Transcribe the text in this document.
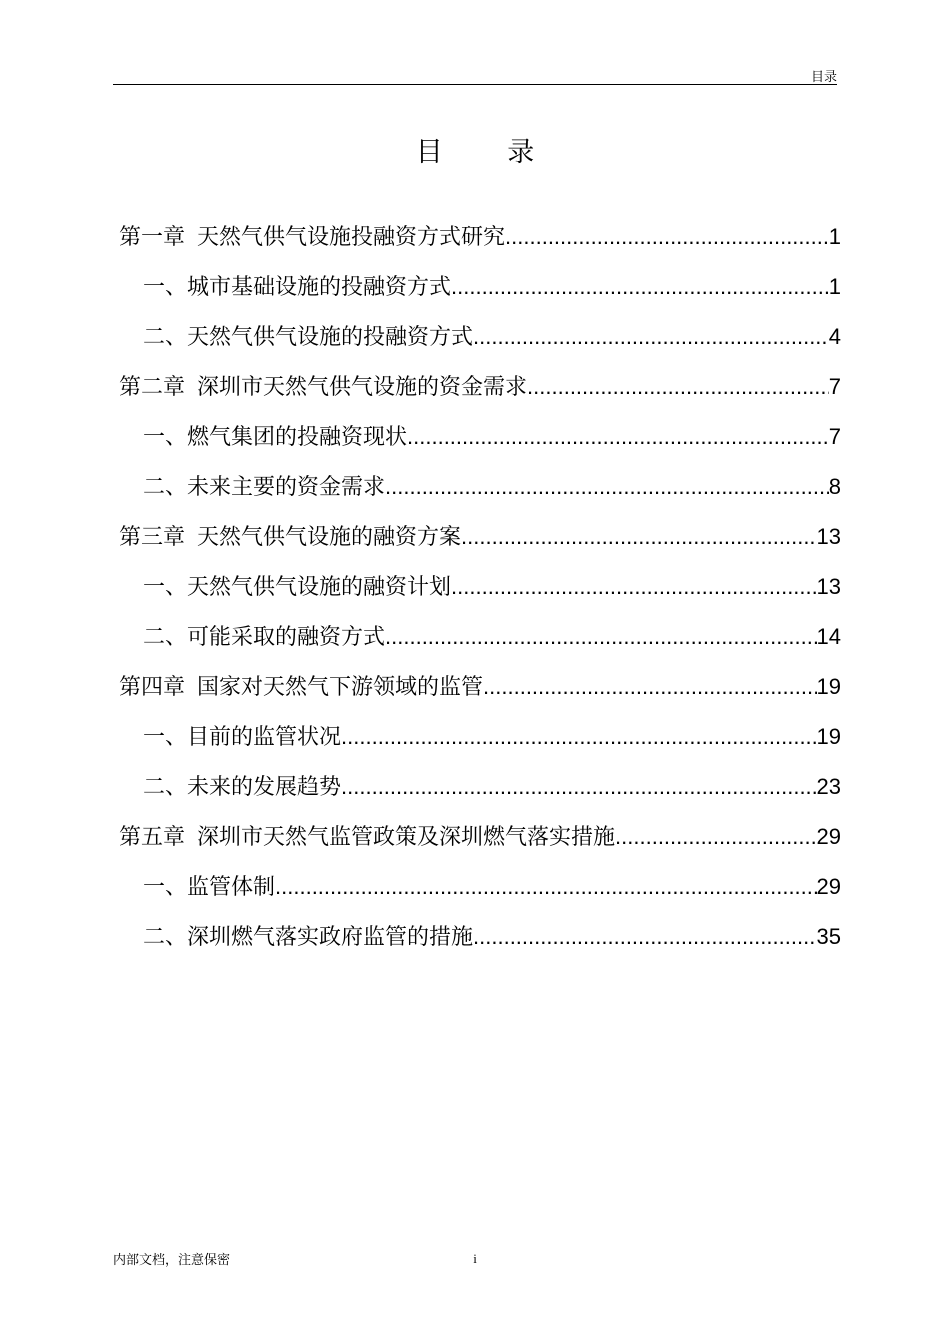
目录
目 录
第一章 天然气供气设施投融资方式研究 .....	1
一、城市基础设施的投融资方式 .....	1
二、天然气供气设施的投融资方式 .....	4
第二章 深圳市天然气供气设施的资金需求 .....	7
一、燃气集团的投融资现状 .....	7
二、未来主要的资金需求 .....	8
第三章 天然气供气设施的融资方案 .....	13
一、天然气供气设施的融资计划 .....	13
二、可能采取的融资方式 .....	14
第四章 国家对天然气下游领域的监管 .....	19
一、目前的监管状况 .....	19
二、未来的发展趋势 .....	23
第五章 深圳市天然气监管政策及深圳燃气落实措施 .....	29
一、监管体制 .....	29
二、深圳燃气落实政府监管的措施 .....	35
内部文档，注意保密	i
